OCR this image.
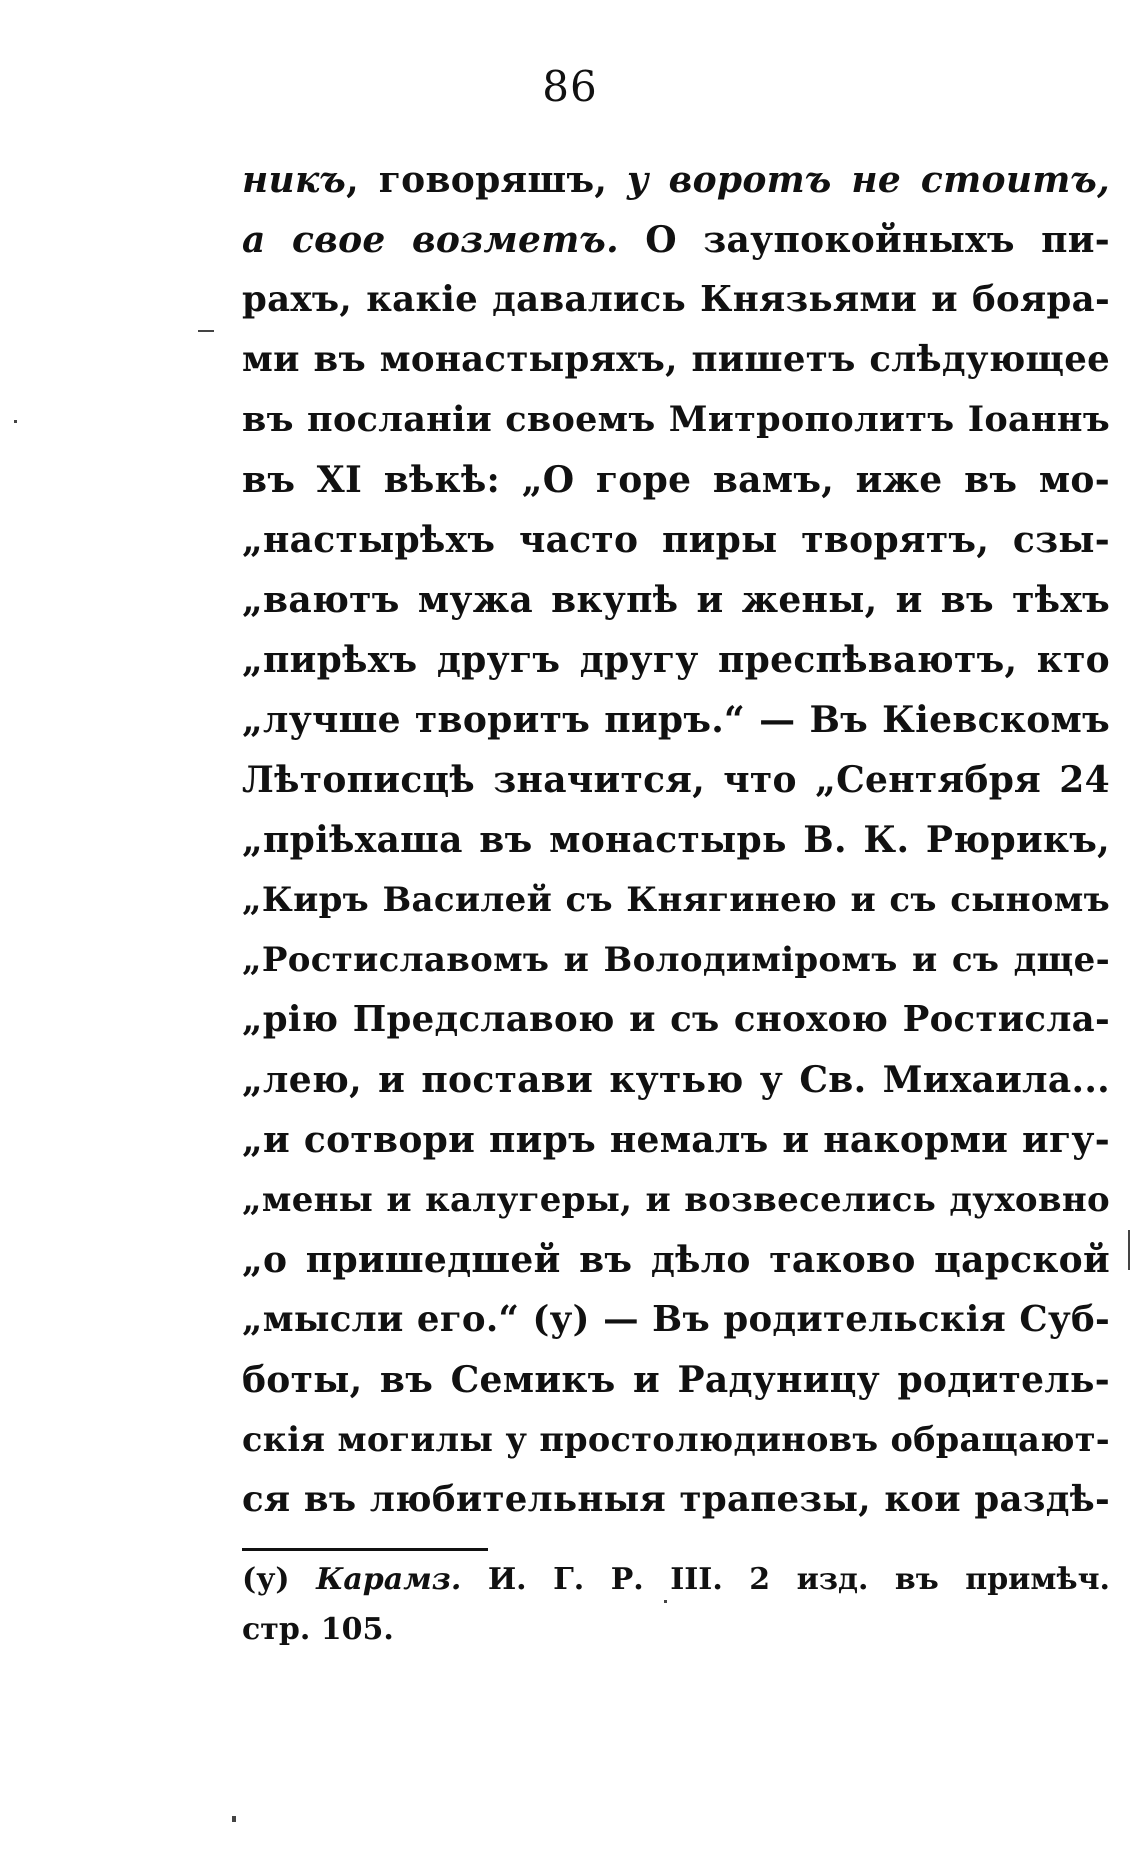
86
никъ, говоряшъ, у воротъ не стоитъ,
а свое возметъ. О заупокойныхъ пи-
рахъ, какіе давались Князьями и бояра-
ми въ монастыряхъ, пишетъ слѣдующее
въ посланіи своемъ Митрополитъ Іоаннъ
въ XI вѣкѣ: „О горе вамъ, иже въ мо-
„настырѣхъ часто пиры творятъ, сзы-
„ваютъ мужа вкупѣ и жены, и въ тѣхъ
„пирѣхъ другъ другу преспѣваютъ, кто
„лучше творитъ пиръ.“ — Въ Кіевскомъ
Лѣтописцѣ значится, что „Сентября 24
„пріѣхаша въ монастырь В. К. Рюрикъ,
„Киръ Василей съ Княгинею и съ сыномъ
„Ростиславомъ и Володиміромъ и съ дще-
„рію Предславою и съ снохою Ростисла-
„лею, и постави кутью у Св. Михаила...
„и сотвори пиръ немалъ и накорми игу-
„мены и калугеры, и возвеселись духовно
„о пришедшей въ дѣло таково царской
„мысли его.“ (у) — Въ родительскія Суб-
боты, въ Семикъ и Радуницу родитель-
скія могилы у простолюдиновъ обращают-
ся въ любительныя трапезы, кои раздѣ-
(у) Карамз. И. Г. Р. III. 2 изд. въ примѣч.
стр. 105.
